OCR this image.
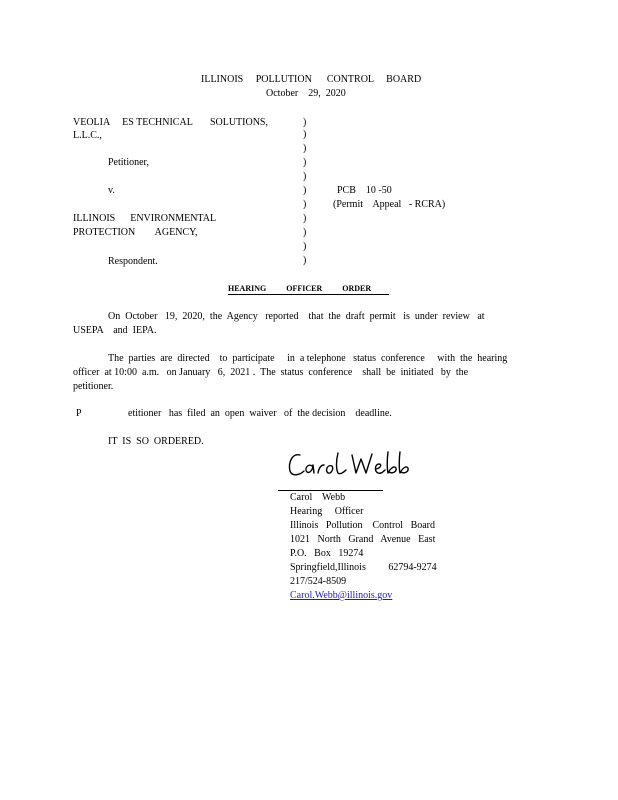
ILLINOIS     POLLUTION      CONTROL     BOARD
October    29,  2020
VEOLIA     ES TECHNICAL       SOLUTIONS,
L.L.C.,
Petitioner,
v.
ILLINOIS      ENVIRONMENTAL
PROTECTION        AGENCY,
Respondent.
)
)
)
)
)
)
)
)
)
)
)
PCB    10 -50
(Permit    Appeal   - RCRA)
HEARING          OFFICER          ORDER
On  October   19,  2020,  the  Agency   reported    that  the  draft  permit   is  under  review   at
USEPA    and  IEPA.
The  parties  are  directed    to  participate     in  a telephone   status  conference     with  the  hearing
officer  at 10:00  a.m.   on January   6,  2021 .  The  status  conference    shall  be  initiated   by  the
petitioner.
P	etitioner   has  filed  an  open  waiver   of  the decision    deadline.
IT  IS  SO  ORDERED.
Carol    Webb
Hearing     Officer
Illinois   Pollution    Control   Board
1021   North   Grand   Avenue   East
P.O.   Box   19274
Springfield,Illinois         62794-9274
217/524-8509
Carol.Webb@illinois.gov
